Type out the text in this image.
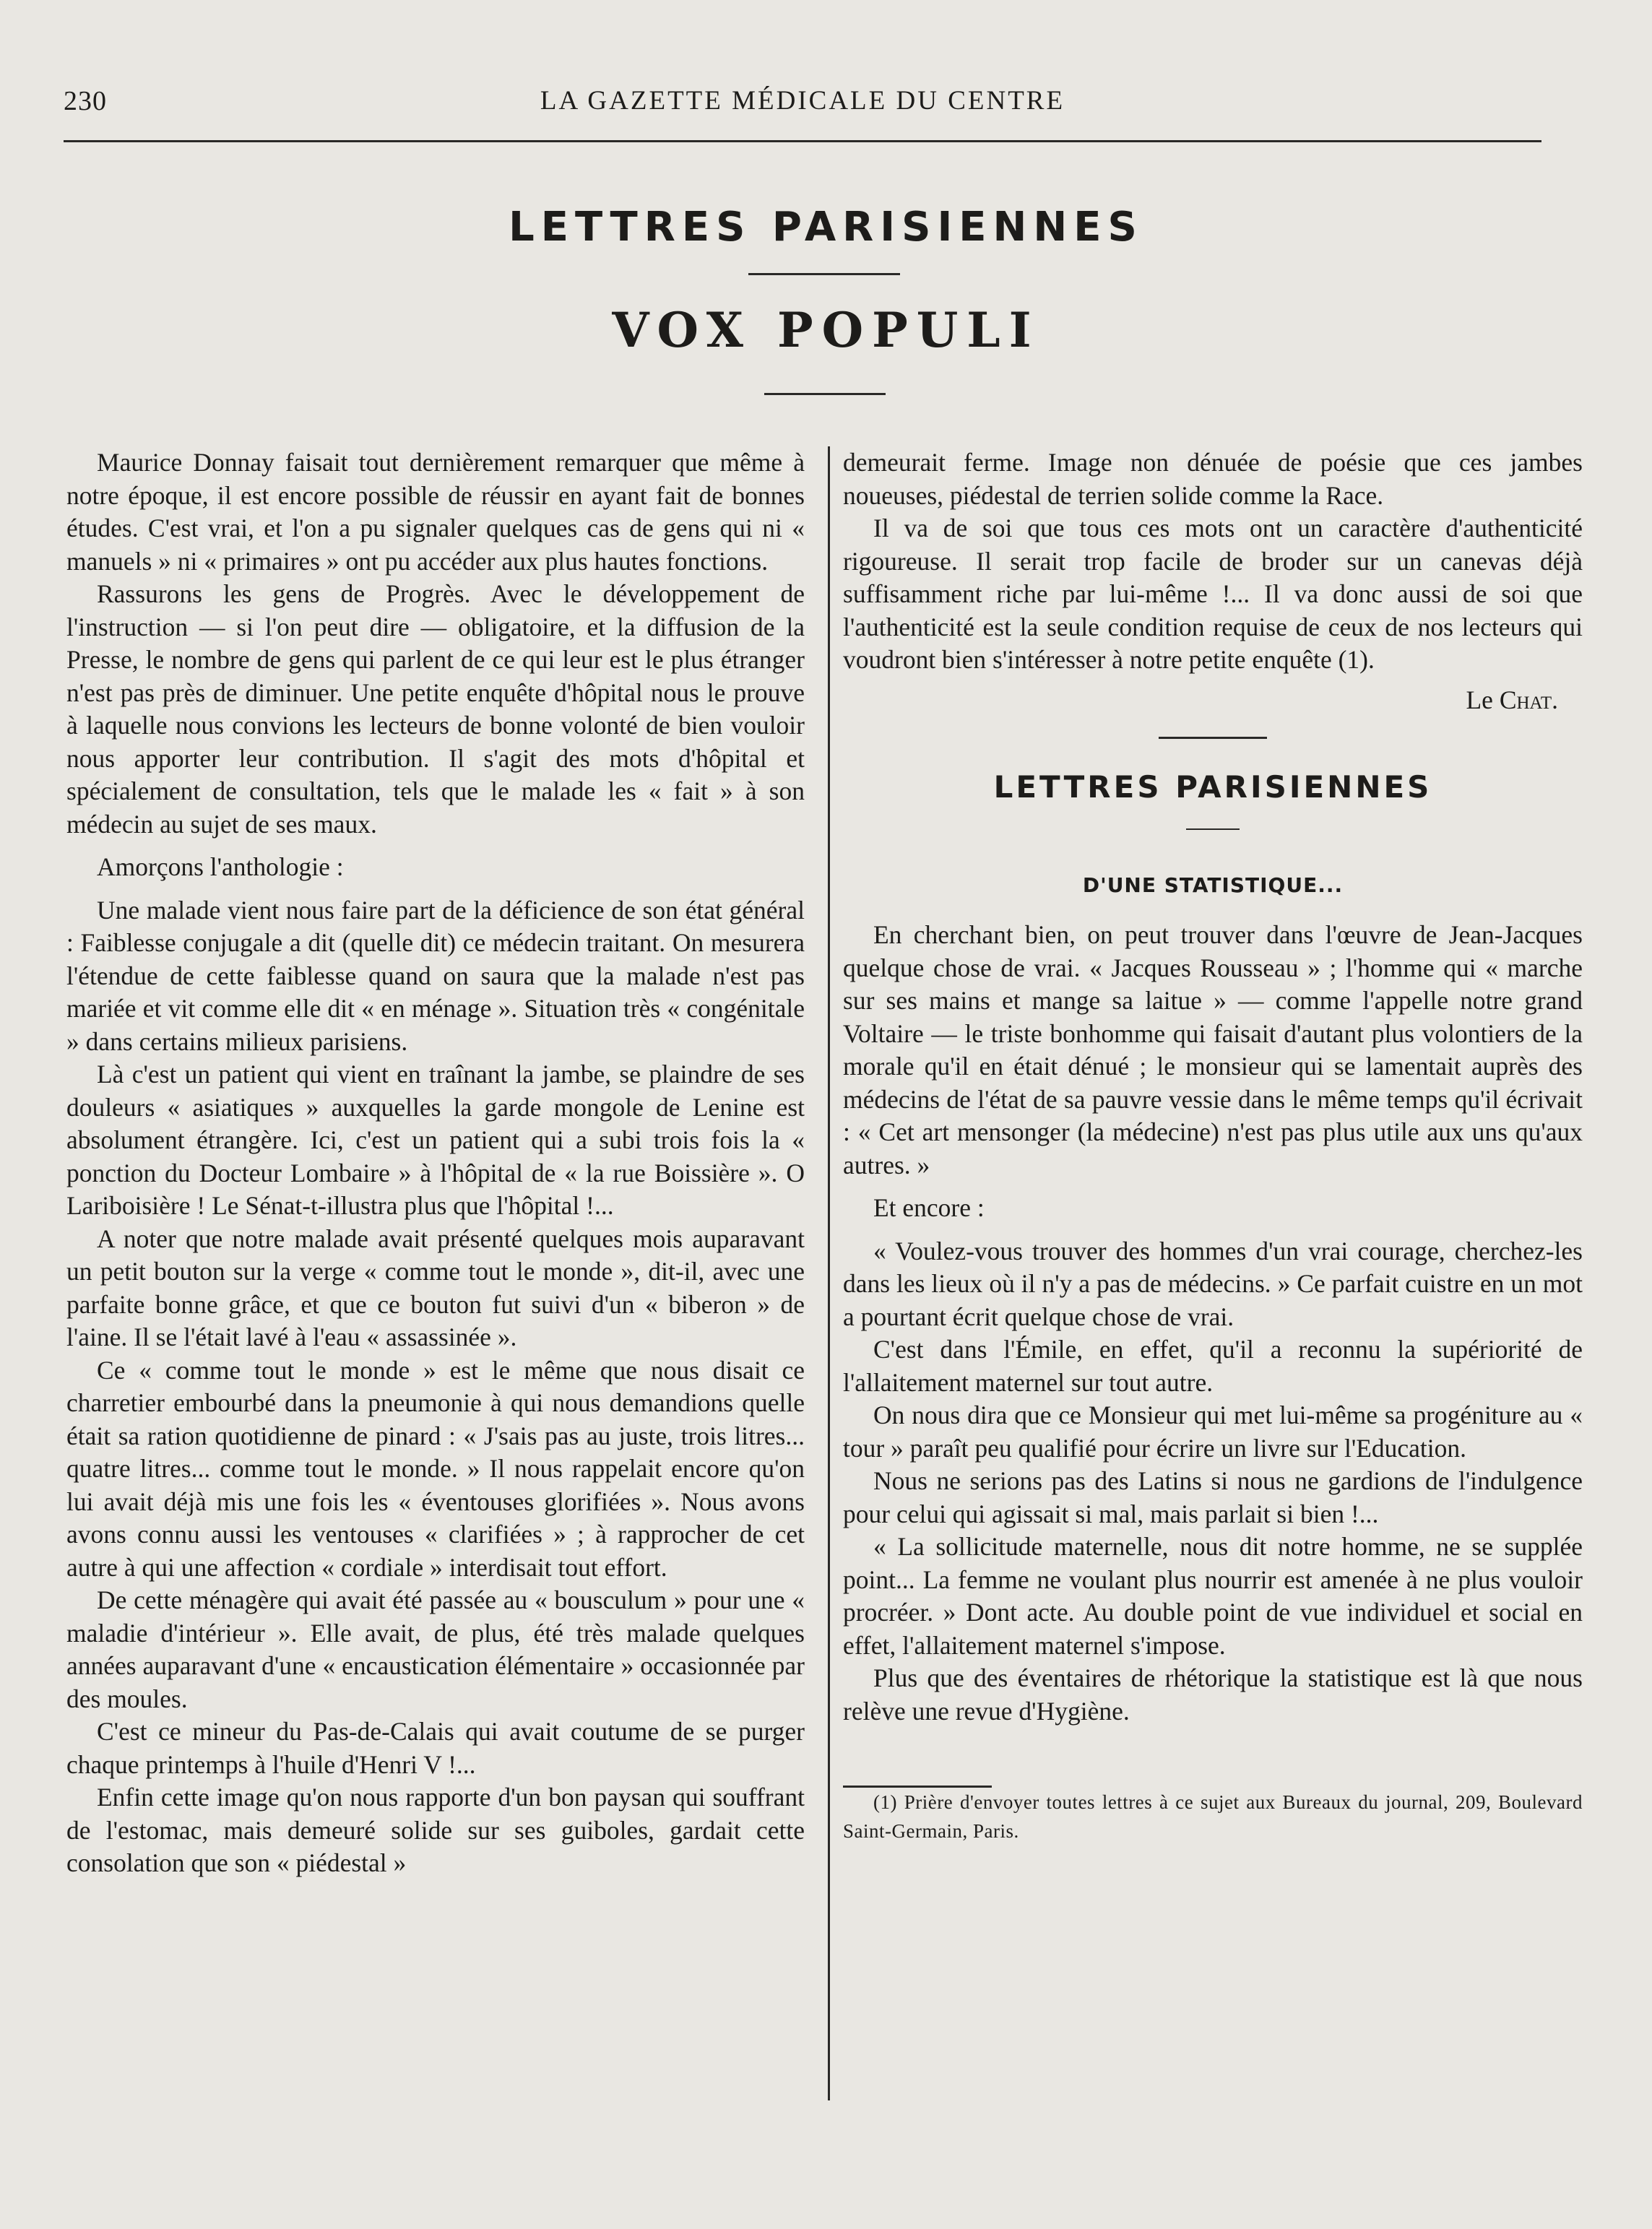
230	LA GAZETTE MÉDICALE DU CENTRE
LETTRES PARISIENNES
VOX POPULI

Maurice Donnay faisait tout dernièrement remarquer que même à notre époque, il est encore possible de réussir en ayant fait de bonnes études. C'est vrai, et l'on a pu signaler quelques cas de gens qui ni « manuels » ni « primaires » ont pu accéder aux plus hautes fonctions.

Rassurons les gens de Progrès. Avec le développement de l'instruction — si l'on peut dire — obligatoire, et la diffusion de la Presse, le nombre de gens qui parlent de ce qui leur est le plus étranger n'est pas près de diminuer. Une petite enquête d'hôpital nous le prouve à laquelle nous convions les lecteurs de bonne volonté de bien vouloir nous apporter leur contribution. Il s'agit des mots d'hôpital et spécialement de consultation, tels que le malade les « fait » à son médecin au sujet de ses maux.

Amorçons l'anthologie :

Une malade vient nous faire part de la déficience de son état général : Faiblesse conjugale a dit (quelle dit) ce médecin traitant. On mesurera l'étendue de cette faiblesse quand on saura que la malade n'est pas mariée et vit comme elle dit « en ménage ». Situation très « congénitale » dans certains milieux parisiens.

Là c'est un patient qui vient en traînant la jambe, se plaindre de ses douleurs « asiatiques » auxquelles la garde mongole de Lenine est absolument étrangère. Ici, c'est un patient qui a subi trois fois la « ponction du Docteur Lombaire » à l'hôpital de « la rue Boissière ». O Lariboisière ! Le Sénat-t-illustra plus que l'hôpital !...

A noter que notre malade avait présenté quelques mois auparavant un petit bouton sur la verge « comme tout le monde », dit-il, avec une parfaite bonne grâce, et que ce bouton fut suivi d'un « biberon » de l'aine. Il se l'était lavé à l'eau « assassinée ».

Ce « comme tout le monde » est le même que nous disait ce charretier embourbé dans la pneumonie à qui nous demandions quelle était sa ration quotidienne de pinard : « J'sais pas au juste, trois litres... quatre litres... comme tout le monde. » Il nous rappelait encore qu'on lui avait déjà mis une fois les « éventouses glorifiées ». Nous avons avons connu aussi les ventouses « clarifiées » ; à rapprocher de cet autre à qui une affection « cordiale » interdisait tout effort.

De cette ménagère qui avait été passée au « bousculum » pour une « maladie d'intérieur ». Elle avait, de plus, été très malade quelques années auparavant d'une « encaustication élémentaire » occasionnée par des moules.

C'est ce mineur du Pas-de-Calais qui avait coutume de se purger chaque printemps à l'huile d'Henri V !...

Enfin cette image qu'on nous rapporte d'un bon paysan qui souffrant de l'estomac, mais demeuré solide sur ses guiboles, gardait cette consolation que son « piédestal »

demeurait ferme. Image non dénuée de poésie que ces jambes noueuses, piédestal de terrien solide comme la Race.

Il va de soi que tous ces mots ont un caractère d'authenticité rigoureuse. Il serait trop facile de broder sur un canevas déjà suffisamment riche par lui-même !... Il va donc aussi de soi que l'authenticité est la seule condition requise de ceux de nos lecteurs qui voudront bien s'intéresser à notre petite enquête (1).

Le Chat.
LETTRES PARISIENNES
D'UNE STATISTIQUE...

En cherchant bien, on peut trouver dans l'œuvre de Jean-Jacques quelque chose de vrai. « Jacques Rousseau » ; l'homme qui « marche sur ses mains et mange sa laitue » — comme l'appelle notre grand Voltaire — le triste bonhomme qui faisait d'autant plus volontiers de la morale qu'il en était dénué ; le monsieur qui se lamentait auprès des médecins de l'état de sa pauvre vessie dans le même temps qu'il écrivait : « Cet art mensonger (la médecine) n'est pas plus utile aux uns qu'aux autres. »

Et encore :

« Voulez-vous trouver des hommes d'un vrai courage, cherchez-les dans les lieux où il n'y a pas de médecins. » Ce parfait cuistre en un mot a pourtant écrit quelque chose de vrai.

C'est dans l'Émile, en effet, qu'il a reconnu la supériorité de l'allaitement maternel sur tout autre.

On nous dira que ce Monsieur qui met lui-même sa progéniture au « tour » paraît peu qualifié pour écrire un livre sur l'Education.

Nous ne serions pas des Latins si nous ne gardions de l'indulgence pour celui qui agissait si mal, mais parlait si bien !...

« La sollicitude maternelle, nous dit notre homme, ne se supplée point... La femme ne voulant plus nourrir est amenée à ne plus vouloir procréer. » Dont acte. Au double point de vue individuel et social en effet, l'allaitement maternel s'impose.

Plus que des éventaires de rhétorique la statistique est là que nous relève une revue d'Hygiène.

(1) Prière d'envoyer toutes lettres à ce sujet aux Bureaux du journal, 209, Boulevard Saint-Germain, Paris.
